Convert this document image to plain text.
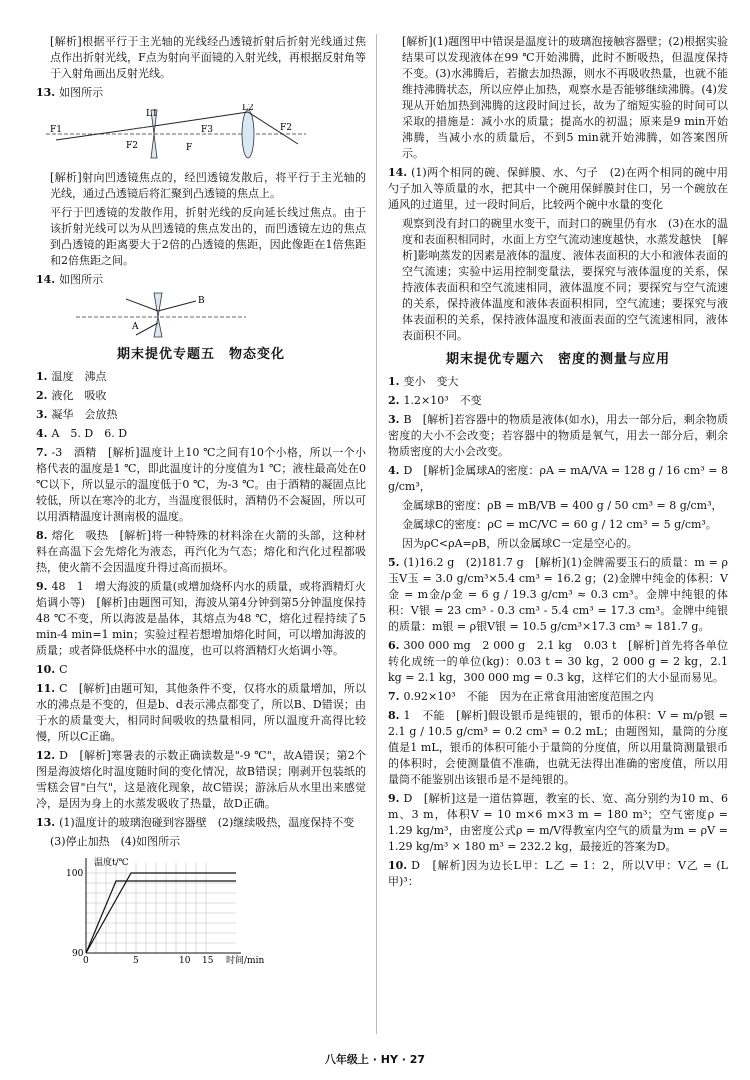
[解析]根据平行于主光轴的光线经凸透镜折射后折射光线通过焦点作出折射光线，F点为射向平面镜的入射光线，再根据反射角等于入射角画出反射光线。

13. 如图所示

L1
L2
F1
F2
F3
F
F2

[解析]射向凹透镜焦点的，经凹透镜发散后，将平行于主光轴的光线，通过凸透镜后将汇聚到凸透镜的焦点上。

平行于凹透镜的发散作用，折射光线的反向延长线过焦点。由于该折射光线可以为从凹透镜的焦点发出的，而凹透镜左边的焦点到凸透镜的距离要大于2倍的凸透镜的焦距，因此像距在1倍焦距和2倍焦距之间。

14. 如图所示

A
B
期末提优专题五　物态变化

1. 温度　沸点

2. 液化　吸收

3. 凝华　会放热

4. A　5. D　6. D

7. -3　酒精　[解析]温度计上10 ℃之间有10个小格，所以一个小格代表的温度是1 ℃，即此温度计的分度值为1 ℃；液柱最高处在0 ℃以下，所以显示的温度低于0 ℃，为-3 ℃。由于酒精的凝固点比较低，所以在寒冷的北方，当温度很低时，酒精仍不会凝固，所以可以用酒精温度计测南极的温度。

8. 熔化　吸热　[解析]将一种特殊的材料涂在火箭的头部，这种材料在高温下会先熔化为液态，再汽化为气态；熔化和汽化过程都吸热，使火箭不会因温度升得过高而损坏。

9. 48　1　增大海波的质量(或增加烧杯内水的质量，或将酒精灯火焰调小等)　[解析]由题图可知，海波从第4分钟到第5分钟温度保持48 ℃不变，所以海波是晶体，其熔点为48 ℃，熔化过程持续了5 min-4 min=1 min；实验过程若想增加熔化时间，可以增加海波的质量；或者降低烧杯中水的温度，也可以将酒精灯火焰调小等。

10. C

11. C　[解析]由题可知，其他条件不变，仅将水的质量增加，所以水的沸点是不变的，但是b、d表示沸点都变了，所以B、D错误；由于水的质量变大，相同时间吸收的热量相同，所以温度升高得比较慢，所以C正确。

12. D　[解析]寒暑表的示数正确读数是"-9 ℃"，故A错误；第2个图是海波熔化时温度随时间的变化情况，故B错误；刚剥开包装纸的雪糕会冒"白气"，这是液化现象，故C错误；游泳后从水里出来感觉冷，是因为身上的水蒸发吸收了热量，故D正确。

13. (1)温度计的玻璃泡碰到容器壁　(2)继续吸热，温度保持不变

(3)停止加热　(4)如图所示

温度t/℃
时间/min
90
100
0	5	10 15

[解析](1)题图甲中错误是温度计的玻璃泡接触容器壁；(2)根据实验结果可以发现液体在99 ℃开始沸腾，此时不断吸热，但温度保持不变。(3)水沸腾后，若撤去加热源，则水不再吸收热量，也就不能维持沸腾状态，所以应停止加热，观察水是否能够继续沸腾。(4)发现从开始加热到沸腾的这段时间过长，故为了缩短实验的时间可以采取的措施是：减小水的质量；提高水的初温；原来是9 min开始沸腾，当减小水的质量后，不到5 min就开始沸腾，如答案图所示。

14. (1)两个相同的碗、保鲜膜、水、勺子　(2)在两个相同的碗中用勺子加入等质量的水，把其中一个碗用保鲜膜封住口，另一个碗放在通风的过道里，过一段时间后，比较两个碗中水量的变化

观察到没有封口的碗里水变干，而封口的碗里仍有水　(3)在水的温度和表面积相同时，水面上方空气流动速度越快，水蒸发越快　[解析]影响蒸发的因素是液体的温度、液体表面积的大小和液体表面的空气流速；实验中运用控制变量法，要探究与液体温度的关系，保持液体表面积和空气流速相同，液体温度不同；要探究与空气流速的关系，保持液体温度和液体表面积相同，空气流速；要探究与液体表面积的关系，保持液体温度和液面表面的空气流速相同，液体表面积不同。

期末提优专题六　密度的测量与应用

1. 变小　变大

2. 1.2×10³　不变

3. B　[解析]若容器中的物质是液体(如水)，用去一部分后，剩余物质密度的大小不会改变；若容器中的物质是氧气，用去一部分后，剩余物质密度的大小会改变。

4. D　[解析]金属球A的密度：ρA = mA/VA = 128 g / 16 cm³ = 8 g/cm³，

金属球B的密度：ρB = mB/VB = 400 g / 50 cm³ = 8 g/cm³，

金属球C的密度：ρC = mC/VC = 60 g / 12 cm³ = 5 g/cm³。

因为ρC<ρA=ρB，所以金属球C一定是空心的。

5. (1)16.2 g　(2)181.7 g　[解析](1)金牌需要玉石的质量：m = ρ玉V玉 = 3.0 g/cm³×5.4 cm³ = 16.2 g；(2)金牌中纯金的体积：V金 = m金/ρ金 = 6 g / 19.3 g/cm³ ≈ 0.3 cm³。金牌中纯银的体积：V银 = 23 cm³ - 0.3 cm³ - 5.4 cm³ = 17.3 cm³。金牌中纯银的质量：m银 = ρ银V银 = 10.5 g/cm³×17.3 cm³ ≈ 181.7 g。

6. 300 000 mg　2 000 g　2.1 kg　0.03 t　[解析]首先将各单位转化成统一的单位(kg)：0.03 t = 30 kg，2 000 g = 2 kg，2.1 kg = 2.1 kg，300 000 mg = 0.3 kg，这样它们的大小显而易见。

7. 0.92×10³　不能　因为在正常食用油密度范围之内

8. 1　不能　[解析]假设银币是纯银的，银币的体积：V = m/ρ银 = 2.1 g / 10.5 g/cm³ = 0.2 cm³ = 0.2 mL；由题图知，量筒的分度值是1 mL，银币的体积可能小于量筒的分度值，所以用量筒测量银币的体积时，会使测量值不准确，也就无法得出准确的密度值，所以用量筒不能鉴别出该银币是不是纯银的。

9. D　[解析]这是一道估算题，教室的长、宽、高分别约为10 m、6 m、3 m，体积V = 10 m×6 m×3 m = 180 m³；空气密度ρ = 1.29 kg/m³，由密度公式ρ = m/V得教室内空气的质量为m = ρV = 1.29 kg/m³ × 180 m³ = 232.2 kg，最接近的答案为D。

10. D　[解析]因为边长L甲：L乙 = 1：2，所以V甲：V乙 = (L甲)³：

八年级上 · HY · 27
